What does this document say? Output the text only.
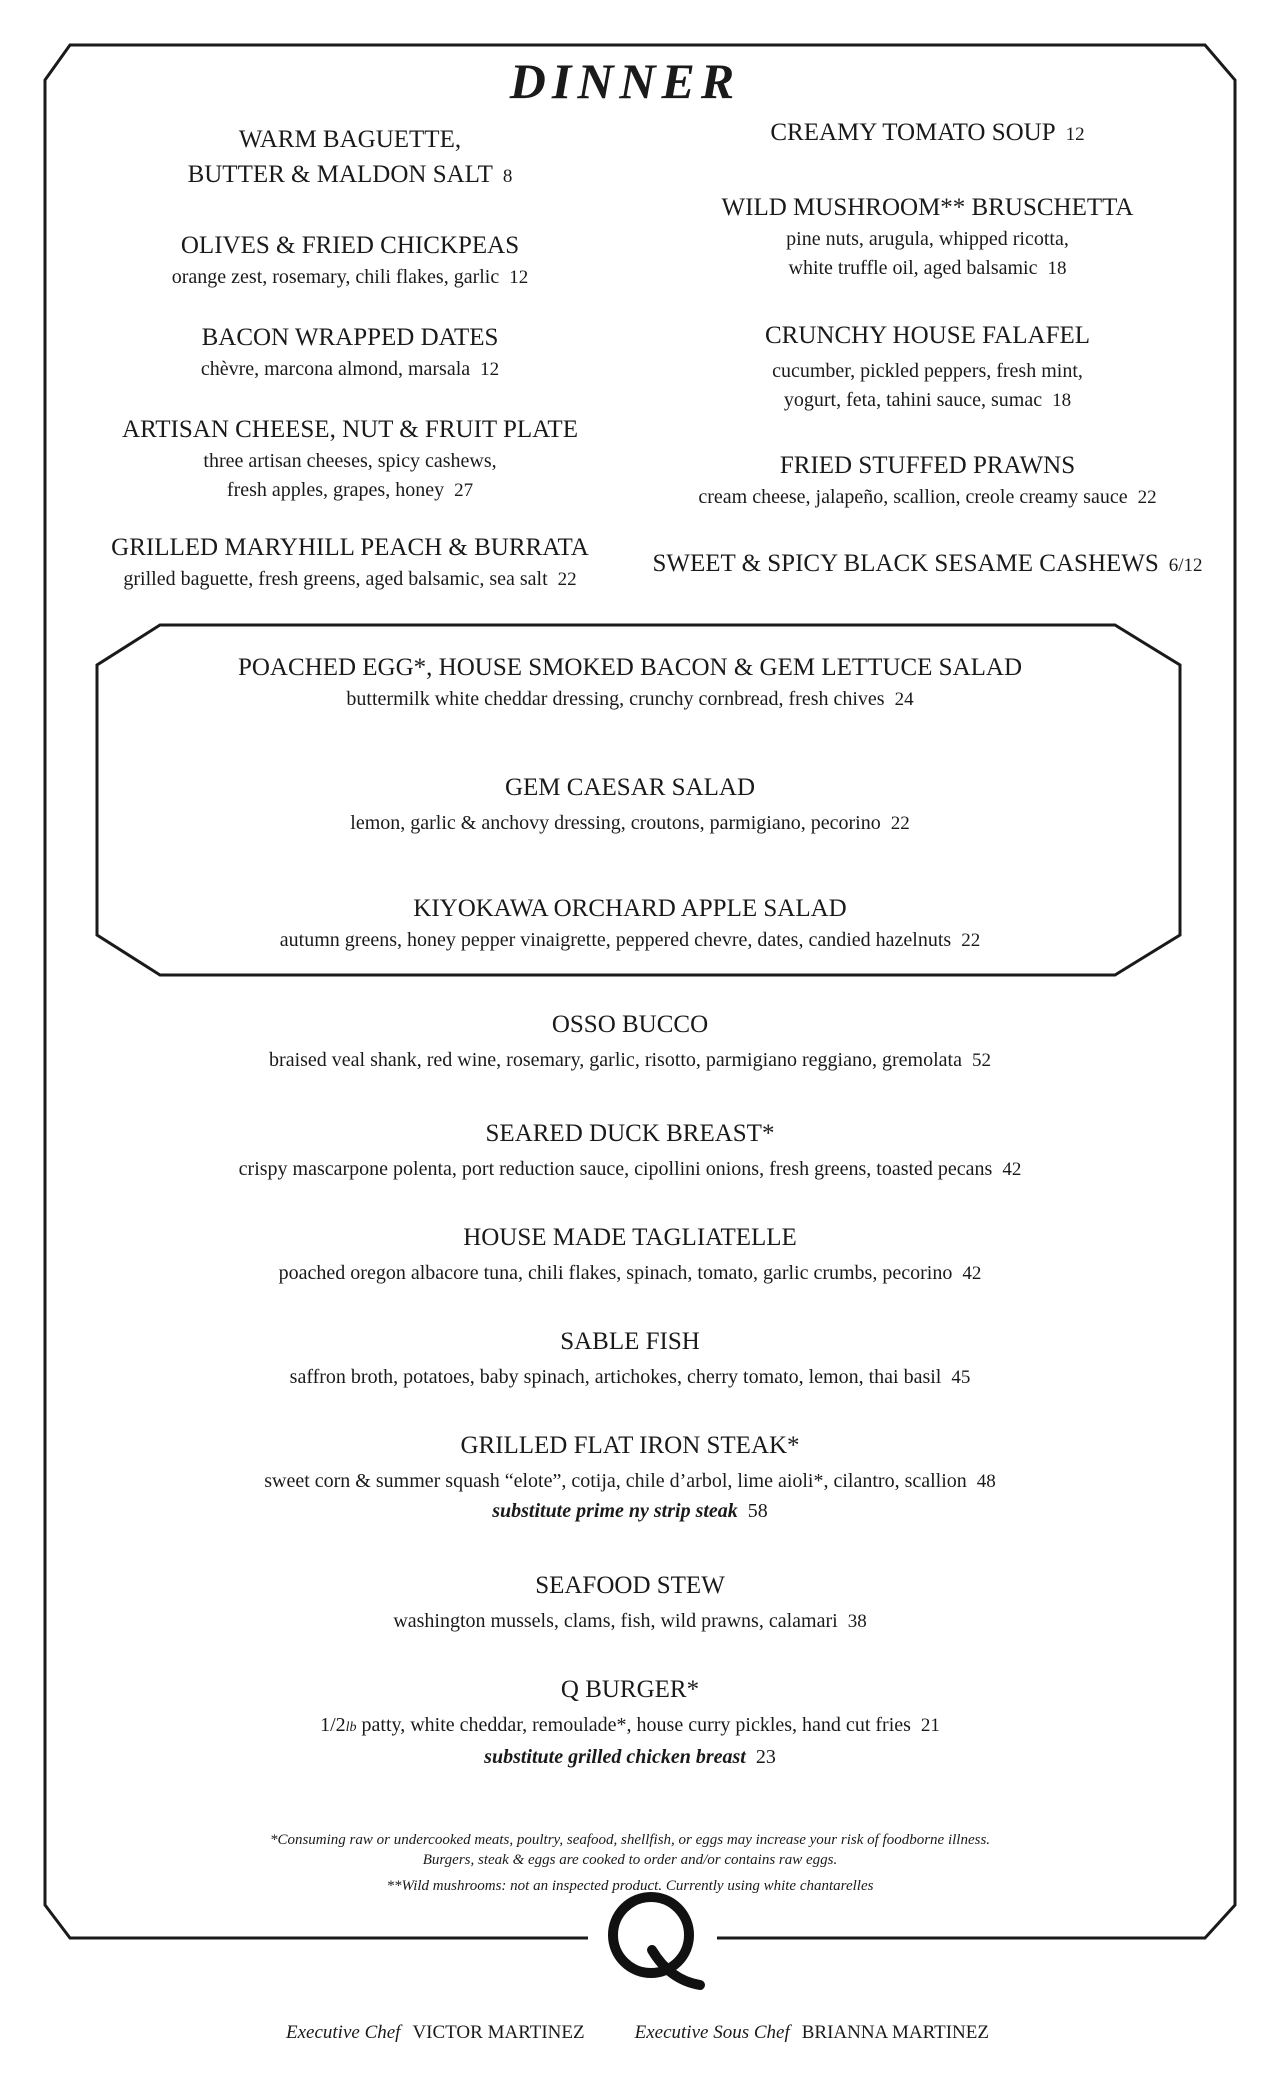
Q
DINNER
WARM BAGUETTE,
BUTTER & MALDON SALT 8
OLIVES & FRIED CHICKPEAS
orange zest, rosemary, chili flakes, garlic 12
BACON WRAPPED DATES
chèvre, marcona almond, marsala 12
ARTISAN CHEESE, NUT & FRUIT PLATE
three artisan cheeses, spicy cashews,
fresh apples, grapes, honey 27
GRILLED MARYHILL PEACH & BURRATA
grilled baguette, fresh greens, aged balsamic, sea salt 22
CREAMY TOMATO SOUP 12
WILD MUSHROOM** BRUSCHETTA
pine nuts, arugula, whipped ricotta,
white truffle oil, aged balsamic 18
CRUNCHY HOUSE FALAFEL
cucumber, pickled peppers, fresh mint,
yogurt, feta, tahini sauce, sumac 18
FRIED STUFFED PRAWNS
cream cheese, jalapeño, scallion, creole creamy sauce 22
SWEET & SPICY BLACK SESAME CASHEWS 6/12
POACHED EGG*, HOUSE SMOKED BACON & GEM LETTUCE SALAD
buttermilk white cheddar dressing, crunchy cornbread, fresh chives 24
GEM CAESAR SALAD
lemon, garlic & anchovy dressing, croutons, parmigiano, pecorino 22
KIYOKAWA ORCHARD APPLE SALAD
autumn greens, honey pepper vinaigrette, peppered chevre, dates, candied hazelnuts 22
OSSO BUCCO
braised veal shank, red wine, rosemary, garlic, risotto, parmigiano reggiano, gremolata 52
SEARED DUCK BREAST*
crispy mascarpone polenta, port reduction sauce, cipollini onions, fresh greens, toasted pecans 42
HOUSE MADE TAGLIATELLE
poached oregon albacore tuna, chili flakes, spinach, tomato, garlic crumbs, pecorino 42
SABLE FISH
saffron broth, potatoes, baby spinach, artichokes, cherry tomato, lemon, thai basil 45
GRILLED FLAT IRON STEAK*
sweet corn & summer squash “elote”, cotija, chile d’arbol, lime aioli*, cilantro, scallion 48
substitute prime ny strip steak 58
SEAFOOD STEW
washington mussels, clams, fish, wild prawns, calamari 38
Q BURGER*
1/2lb patty, white cheddar, remoulade*, house curry pickles, hand cut fries 21
substitute grilled chicken breast 23
*Consuming raw or undercooked meats, poultry, seafood, shellfish, or eggs may increase your risk of foodborne illness.
Burgers, steak & eggs are cooked to order and/or contains raw eggs.
**Wild mushrooms: not an inspected product. Currently using white chantarelles
Executive Chef VICTOR MARTINEZ	Executive Sous Chef BRIANNA MARTINEZ
